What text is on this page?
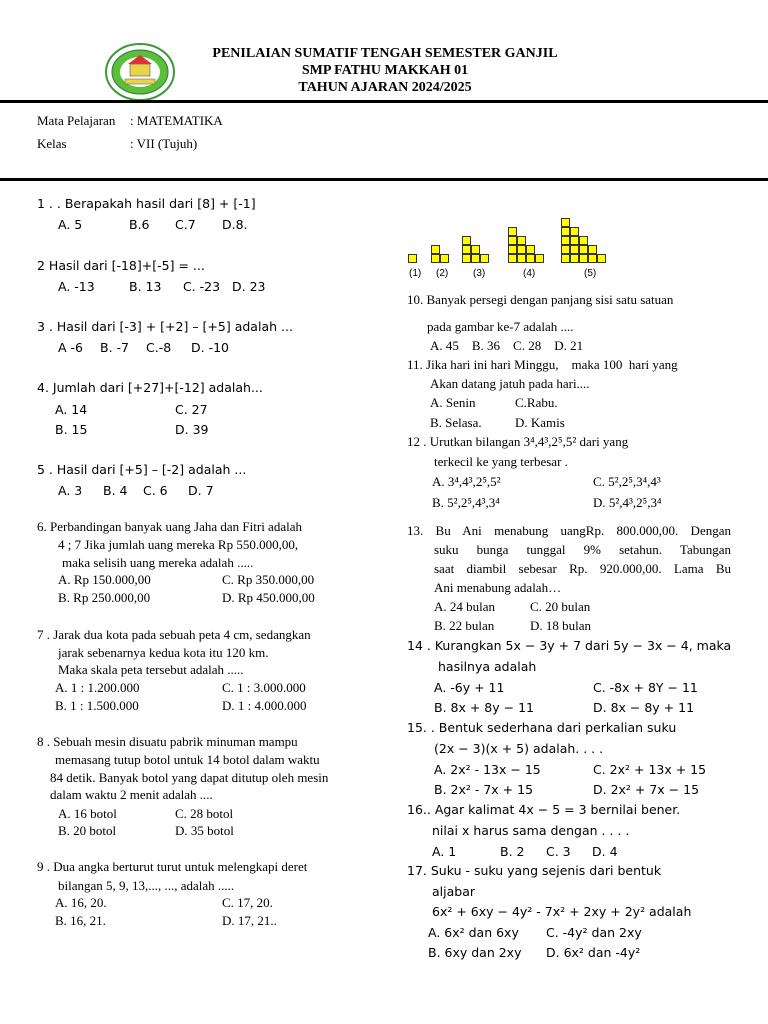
PENILAIAN SUMATIF TENGAH SEMESTER GANJIL
SMP FATHU MAKKAH 01
TAHUN AJARAN 2024/2025
Mata Pelajaran : MATEMATIKA
Kelas	: VII (Tujuh)
1 . . Berapakah hasil dari [8] + [-1]
A. 5	B.6 C.7 D.8.
2 Hasil dari [-18]+[-5] = ...
A. -13	B. 13 C. -23 D. 23
3 . Hasil dari [-3] + [+2] – [+5] adalah ...
A -6 B. -7 C.-8 D. -10
4. Jumlah dari [+27]+[-12] adalah...
A. 14	C. 27
B. 15	D. 39
5 . Hasil dari [+5] – [-2] adalah ...
A. 3 B. 4 C. 6 D. 7
6. Perbandingan banyak uang Jaha dan Fitri adalah
4 ; 7 Jika jumlah uang mereka Rp 550.000,00,
maka selisih uang mereka adalah .....
A. Rp 150.000,00	C. Rp 350.000,00
B. Rp 250.000,00	D. Rp 450.000,00
7 . Jarak dua kota pada sebuah peta 4 cm, sedangkan
jarak sebenarnya kedua kota itu 120 km.
Maka skala peta tersebut adalah .....
A. 1 : 1.200.000	C. 1 : 3.000.000
B. 1 : 1.500.000	D. 1 : 4.000.000
8 . Sebuah mesin disuatu pabrik minuman mampu
memasang tutup botol untuk 14 botol dalam waktu
84 detik. Banyak botol yang dapat ditutup oleh mesin
dalam waktu 2 menit adalah ....
A. 16 botol	C. 28 botol
B. 20 botol	D. 35 botol
9 . Dua angka berturut turut untuk melengkapi deret
bilangan 5, 9, 13,..., ..., adalah .....
A. 16, 20.	C. 17, 20.
B. 16, 21.	D. 17, 21..
(1) (2) (3)	(4)	(5)
10. Banyak persegi dengan panjang sisi satu satuan
pada gambar ke-7 adalah ....
A. 45    B. 36    C. 28    D. 21
11. Jika hari ini hari Minggu,    maka 100  hari yang
Akan datang jatuh pada hari....
A. Senin	C.Rabu.
B. Selasa.	D. Kamis
12 . Urutkan bilangan 3⁴,4³,2⁵,5² dari yang
terkecil ke yang terbesar .
A. 3⁴,4³,2⁵,5²	C. 5²,2⁵,3⁴,4³
B. 5²,2⁵,4³,3⁴	D. 5²,4³,2⁵,3⁴
13. Bu Ani menabung uangRp. 800.000,00. Dengan
suku bunga tunggal 9% setahun. Tabungan
saat diambil sebesar Rp. 920.000,00. Lama Bu
Ani menabung adalah…
A. 24 bulan	C. 20 bulan
B. 22 bulan	D. 18 bulan
14 . Kurangkan 5x − 3y + 7 dari 5y − 3x − 4, maka
hasilnya adalah
A. -6y + 11	C. -8x + 8Y − 11
B. 8x + 8y − 11	D. 8x − 8y + 11
15. . Bentuk sederhana dari perkalian suku
(2x − 3)(x + 5) adalah. . . .
A. 2x² - 13x − 15	C. 2x² + 13x + 15
B. 2x² - 7x + 15	D. 2x² + 7x − 15
16.. Agar kalimat 4x − 5 = 3 bernilai bener.
nilai x harus sama dengan . . . .
A. 1	B. 2 C. 3 D. 4
17. Suku - suku yang sejenis dari bentuk
aljabar
6x² + 6xy − 4y² - 7x² + 2xy + 2y² adalah
A. 6x² dan 6xy C. -4y² dan 2xy
B. 6xy dan 2xy D. 6x² dan -4y²
